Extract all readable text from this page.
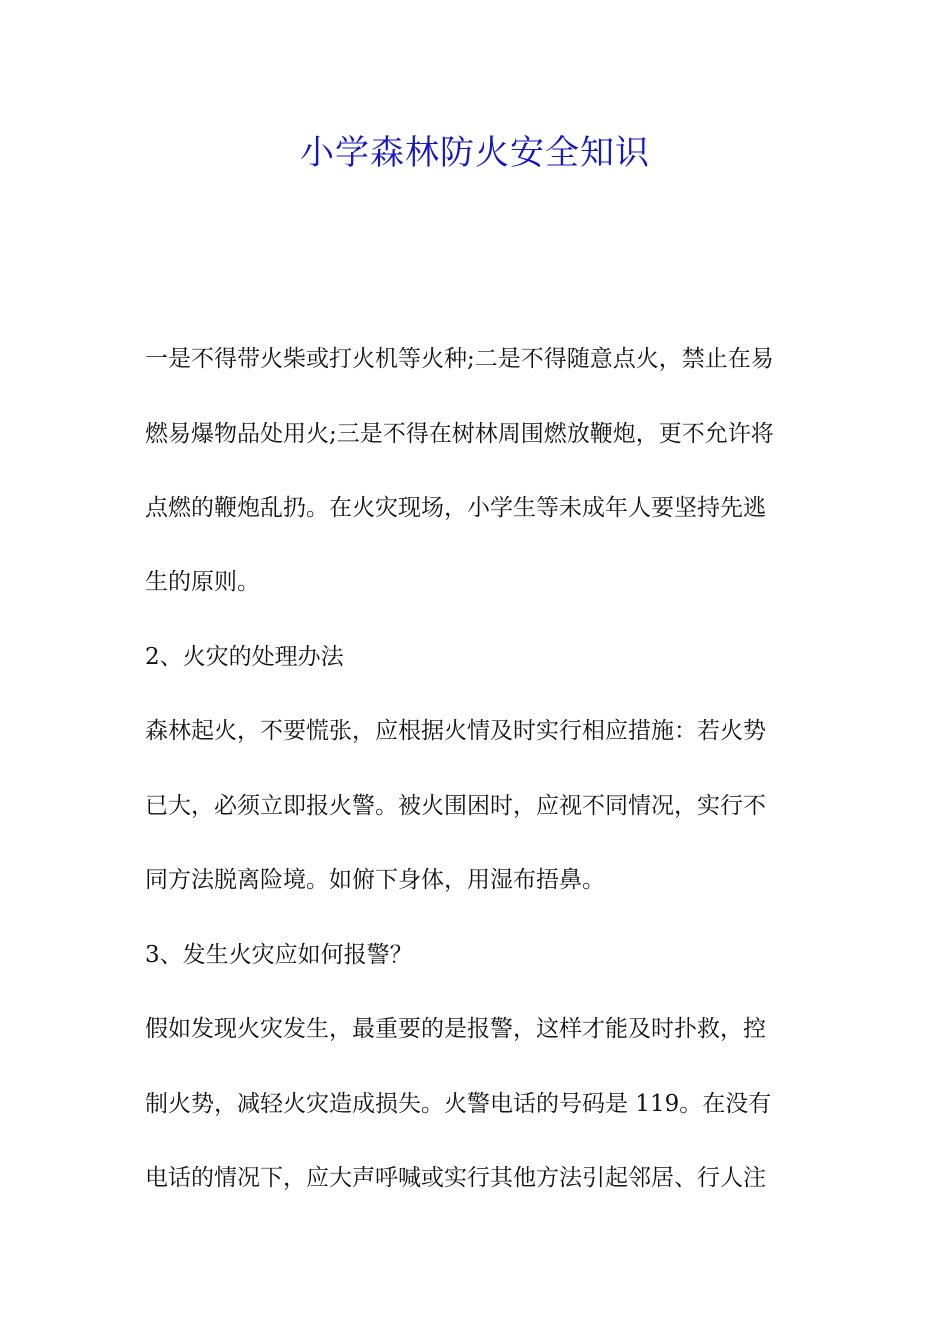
小学森林防火安全知识

一是不得带火柴或打火机等火种;二是不得随意点火，禁止在易

燃易爆物品处用火;三是不得在树林周围燃放鞭炮，更不允许将

点燃的鞭炮乱扔。在火灾现场，小学生等未成年人要坚持先逃

生的原则。

2、火灾的处理办法

森林起火，不要慌张，应根据火情及时实行相应措施：若火势

已大，必须立即报火警。被火围困时，应视不同情况，实行不

同方法脱离险境。如俯下身体，用湿布捂鼻。

3、发生火灾应如何报警？

假如发现火灾发生，最重要的是报警，这样才能及时扑救，控

制火势，减轻火灾造成损失。火警电话的号码是 119。在没有

电话的情况下，应大声呼喊或实行其他方法引起邻居、行人注
